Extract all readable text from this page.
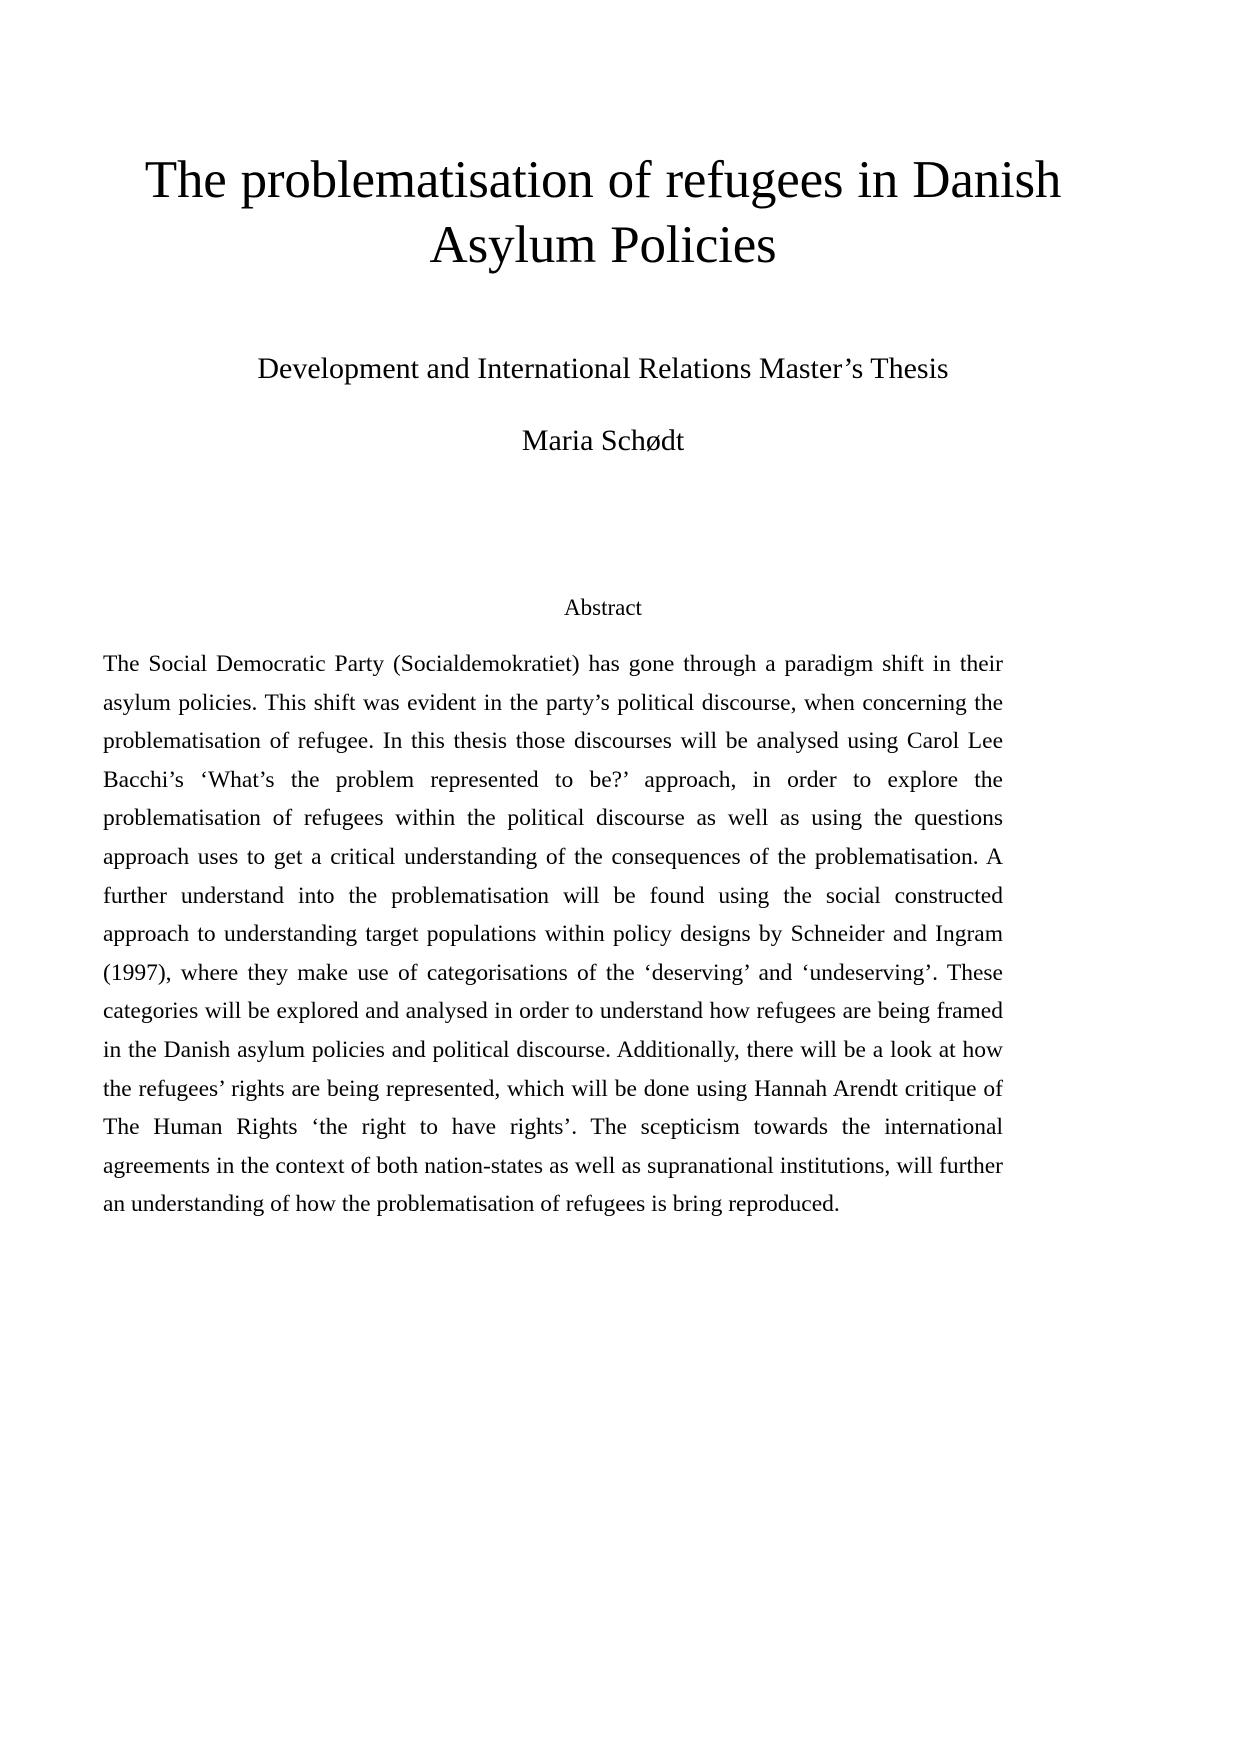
The problematisation of refugees in Danish Asylum Policies

Development and International Relations Master’s Thesis

Maria Schødt

Abstract

The Social Democratic Party (Socialdemokratiet) has gone through a paradigm shift in their asylum policies. This shift was evident in the party’s political discourse, when concerning the problematisation of refugee. In this thesis those discourses will be analysed using Carol Lee Bacchi’s ‘What’s the problem represented to be?’ approach, in order to explore the problematisation of refugees within the political discourse as well as using the questions approach uses to get a critical understanding of the consequences of the problematisation. A further understand into the problematisation will be found using the social constructed approach to understanding target populations within policy designs by Schneider and Ingram (1997), where they make use of categorisations of the ‘deserving’ and ‘undeserving’. These categories will be explored and analysed in order to understand how refugees are being framed in the Danish asylum policies and political discourse. Additionally, there will be a look at how the refugees’ rights are being represented, which will be done using Hannah Arendt critique of The Human Rights ‘the right to have rights’. The scepticism towards the international agreements in the context of both nation-states as well as supranational institutions, will further an understanding of how the problematisation of refugees is bring reproduced.
